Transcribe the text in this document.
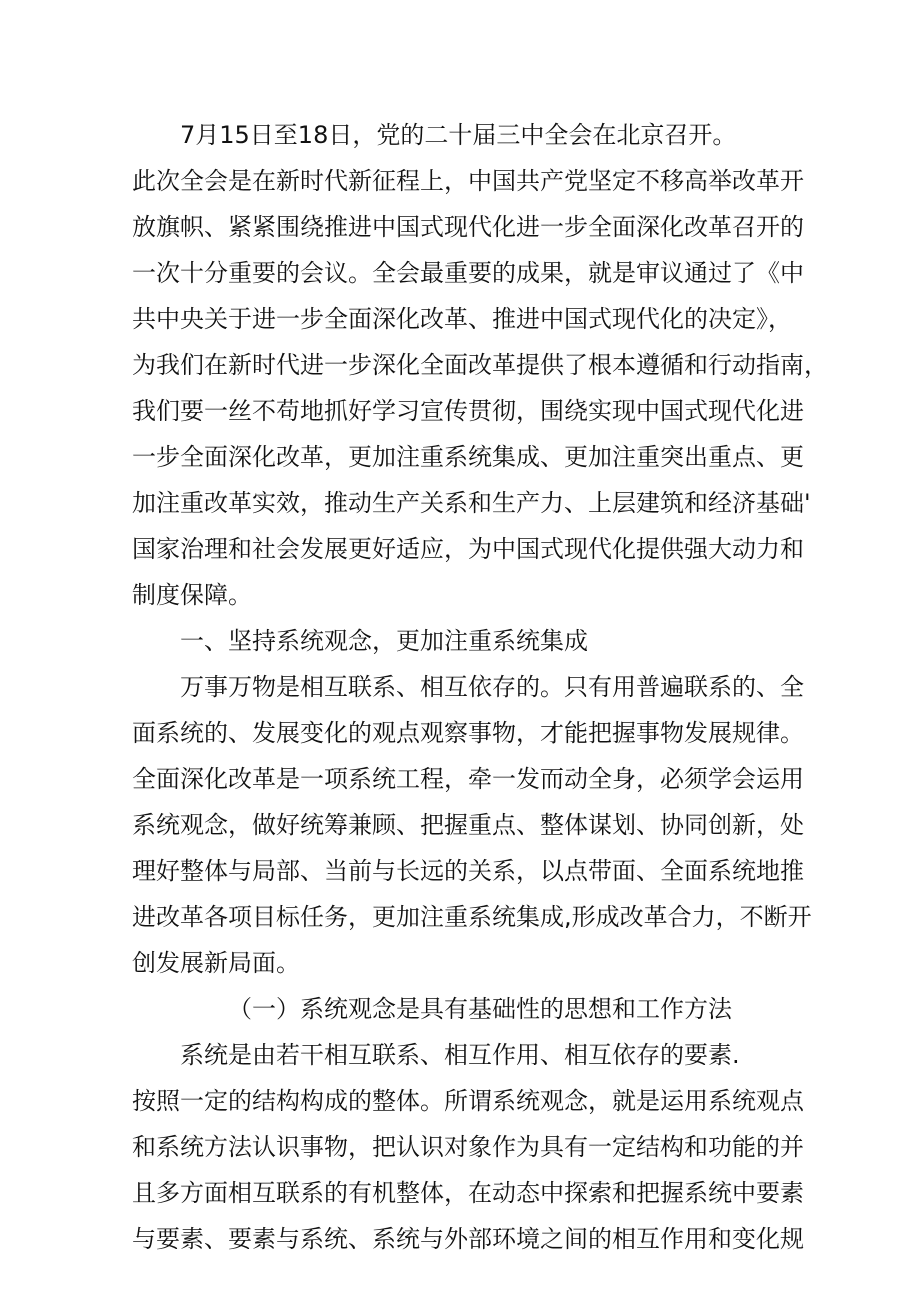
7月15日至18日，党的二十届三中全会在北京召开。
此次全会是在新时代新征程上，中国共产党坚定不移高举改革开
放旗帜、紧紧围绕推进中国式现代化进一步全面深化改革召开的
一次十分重要的会议。全会最重要的成果，就是审议通过了《中
共中央关于进一步全面深化改革、推进中国式现代化的决定》，
为我们在新时代进一步深化全面改革提供了根本遵循和行动指南，
我们要一丝不苟地抓好学习宣传贯彻，围绕实现中国式现代化进
一步全面深化改革，更加注重系统集成、更加注重突出重点、更
加注重改革实效，推动生产关系和生产力、上层建筑和经济基础'
国家治理和社会发展更好适应，为中国式现代化提供强大动力和
制度保障。
一、坚持系统观念，更加注重系统集成
万事万物是相互联系、相互依存的。只有用普遍联系的、全
面系统的、发展变化的观点观察事物，才能把握事物发展规律。
全面深化改革是一项系统工程，牵一发而动全身，必须学会运用
系统观念，做好统筹兼顾、把握重点、整体谋划、协同创新，处
理好整体与局部、当前与长远的关系，以点带面、全面系统地推
进改革各项目标任务，更加注重系统集成,形成改革合力，不断开
创发展新局面。
（一）系统观念是具有基础性的思想和工作方法
系统是由若干相互联系、相互作用、相互依存的要素.
按照一定的结构构成的整体。所谓系统观念，就是运用系统观点
和系统方法认识事物，把认识对象作为具有一定结构和功能的并
且多方面相互联系的有机整体，在动态中探索和把握系统中要素
与要素、要素与系统、系统与外部环境之间的相互作用和变化规
